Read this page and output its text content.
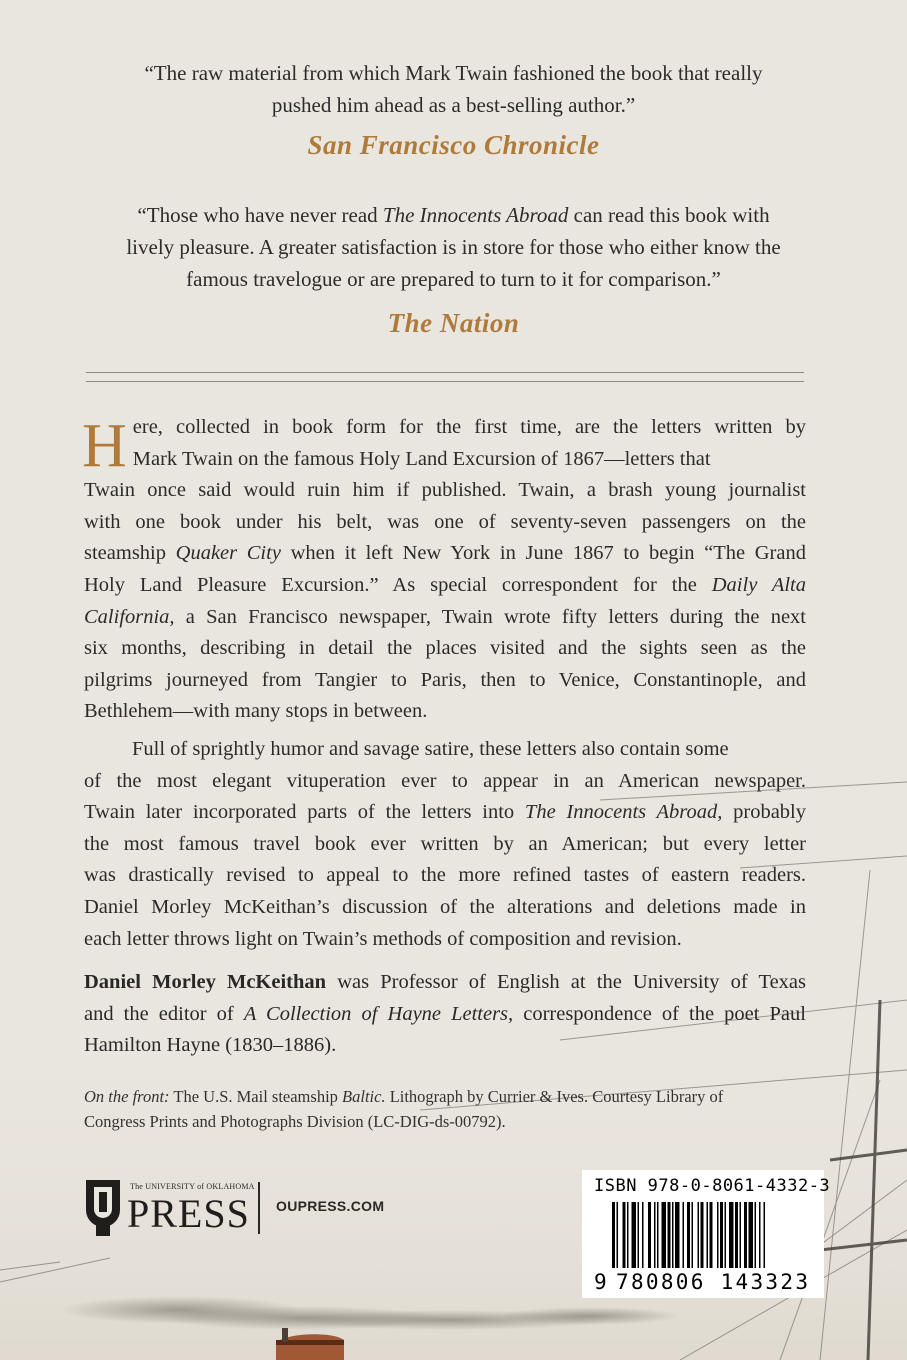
“The raw material from which Mark Twain fashioned the book that really
pushed him ahead as a best-selling author.”
San Francisco Chronicle
“Those who have never read The Innocents Abroad can read this book with
lively pleasure. A greater satisfaction is in store for those who either know the
famous travelogue or are prepared to turn to it for comparison.”
The Nation

H ere, collected in book form for the first time, are the letters written by
Mark Twain on the famous Holy Land Excursion of 1867—letters that
Twain once said would ruin him if published. Twain, a brash young journalist
with one book under his belt, was one of seventy-seven passengers on the
steamship Quaker City when it left New York in June 1867 to begin “The Grand
Holy Land Pleasure Excursion.” As special correspondent for the Daily Alta
California, a San Francisco newspaper, Twain wrote fifty letters during the next
six months, describing in detail the places visited and the sights seen as the
pilgrims journeyed from Tangier to Paris, then to Venice, Constantinople, and
Bethlehem—with many stops in between.

Full of sprightly humor and savage satire, these letters also contain some
of the most elegant vituperation ever to appear in an American newspaper.
Twain later incorporated parts of the letters into The Innocents Abroad, probably
the most famous travel book ever written by an American; but every letter
was drastically revised to appeal to the more refined tastes of eastern readers.
Daniel Morley McKeithan’s discussion of the alterations and deletions made in
each letter throws light on Twain’s methods of composition and revision.

Daniel Morley McKeithan was Professor of English at the University of Texas
and the editor of A Collection of Hayne Letters, correspondence of the poet Paul
Hamilton Hayne (1830–1886).
On the front: The U.S. Mail steamship Baltic. Lithograph by Currier & Ives. Courtesy Library of
Congress Prints and Photographs Division (LC-DIG-ds-00792).
The UNIVERSITY of OKLAHOMA
PRESS OUPRESS.COM
ISBN 978-0-8061-4332-3
9 780806 143323
